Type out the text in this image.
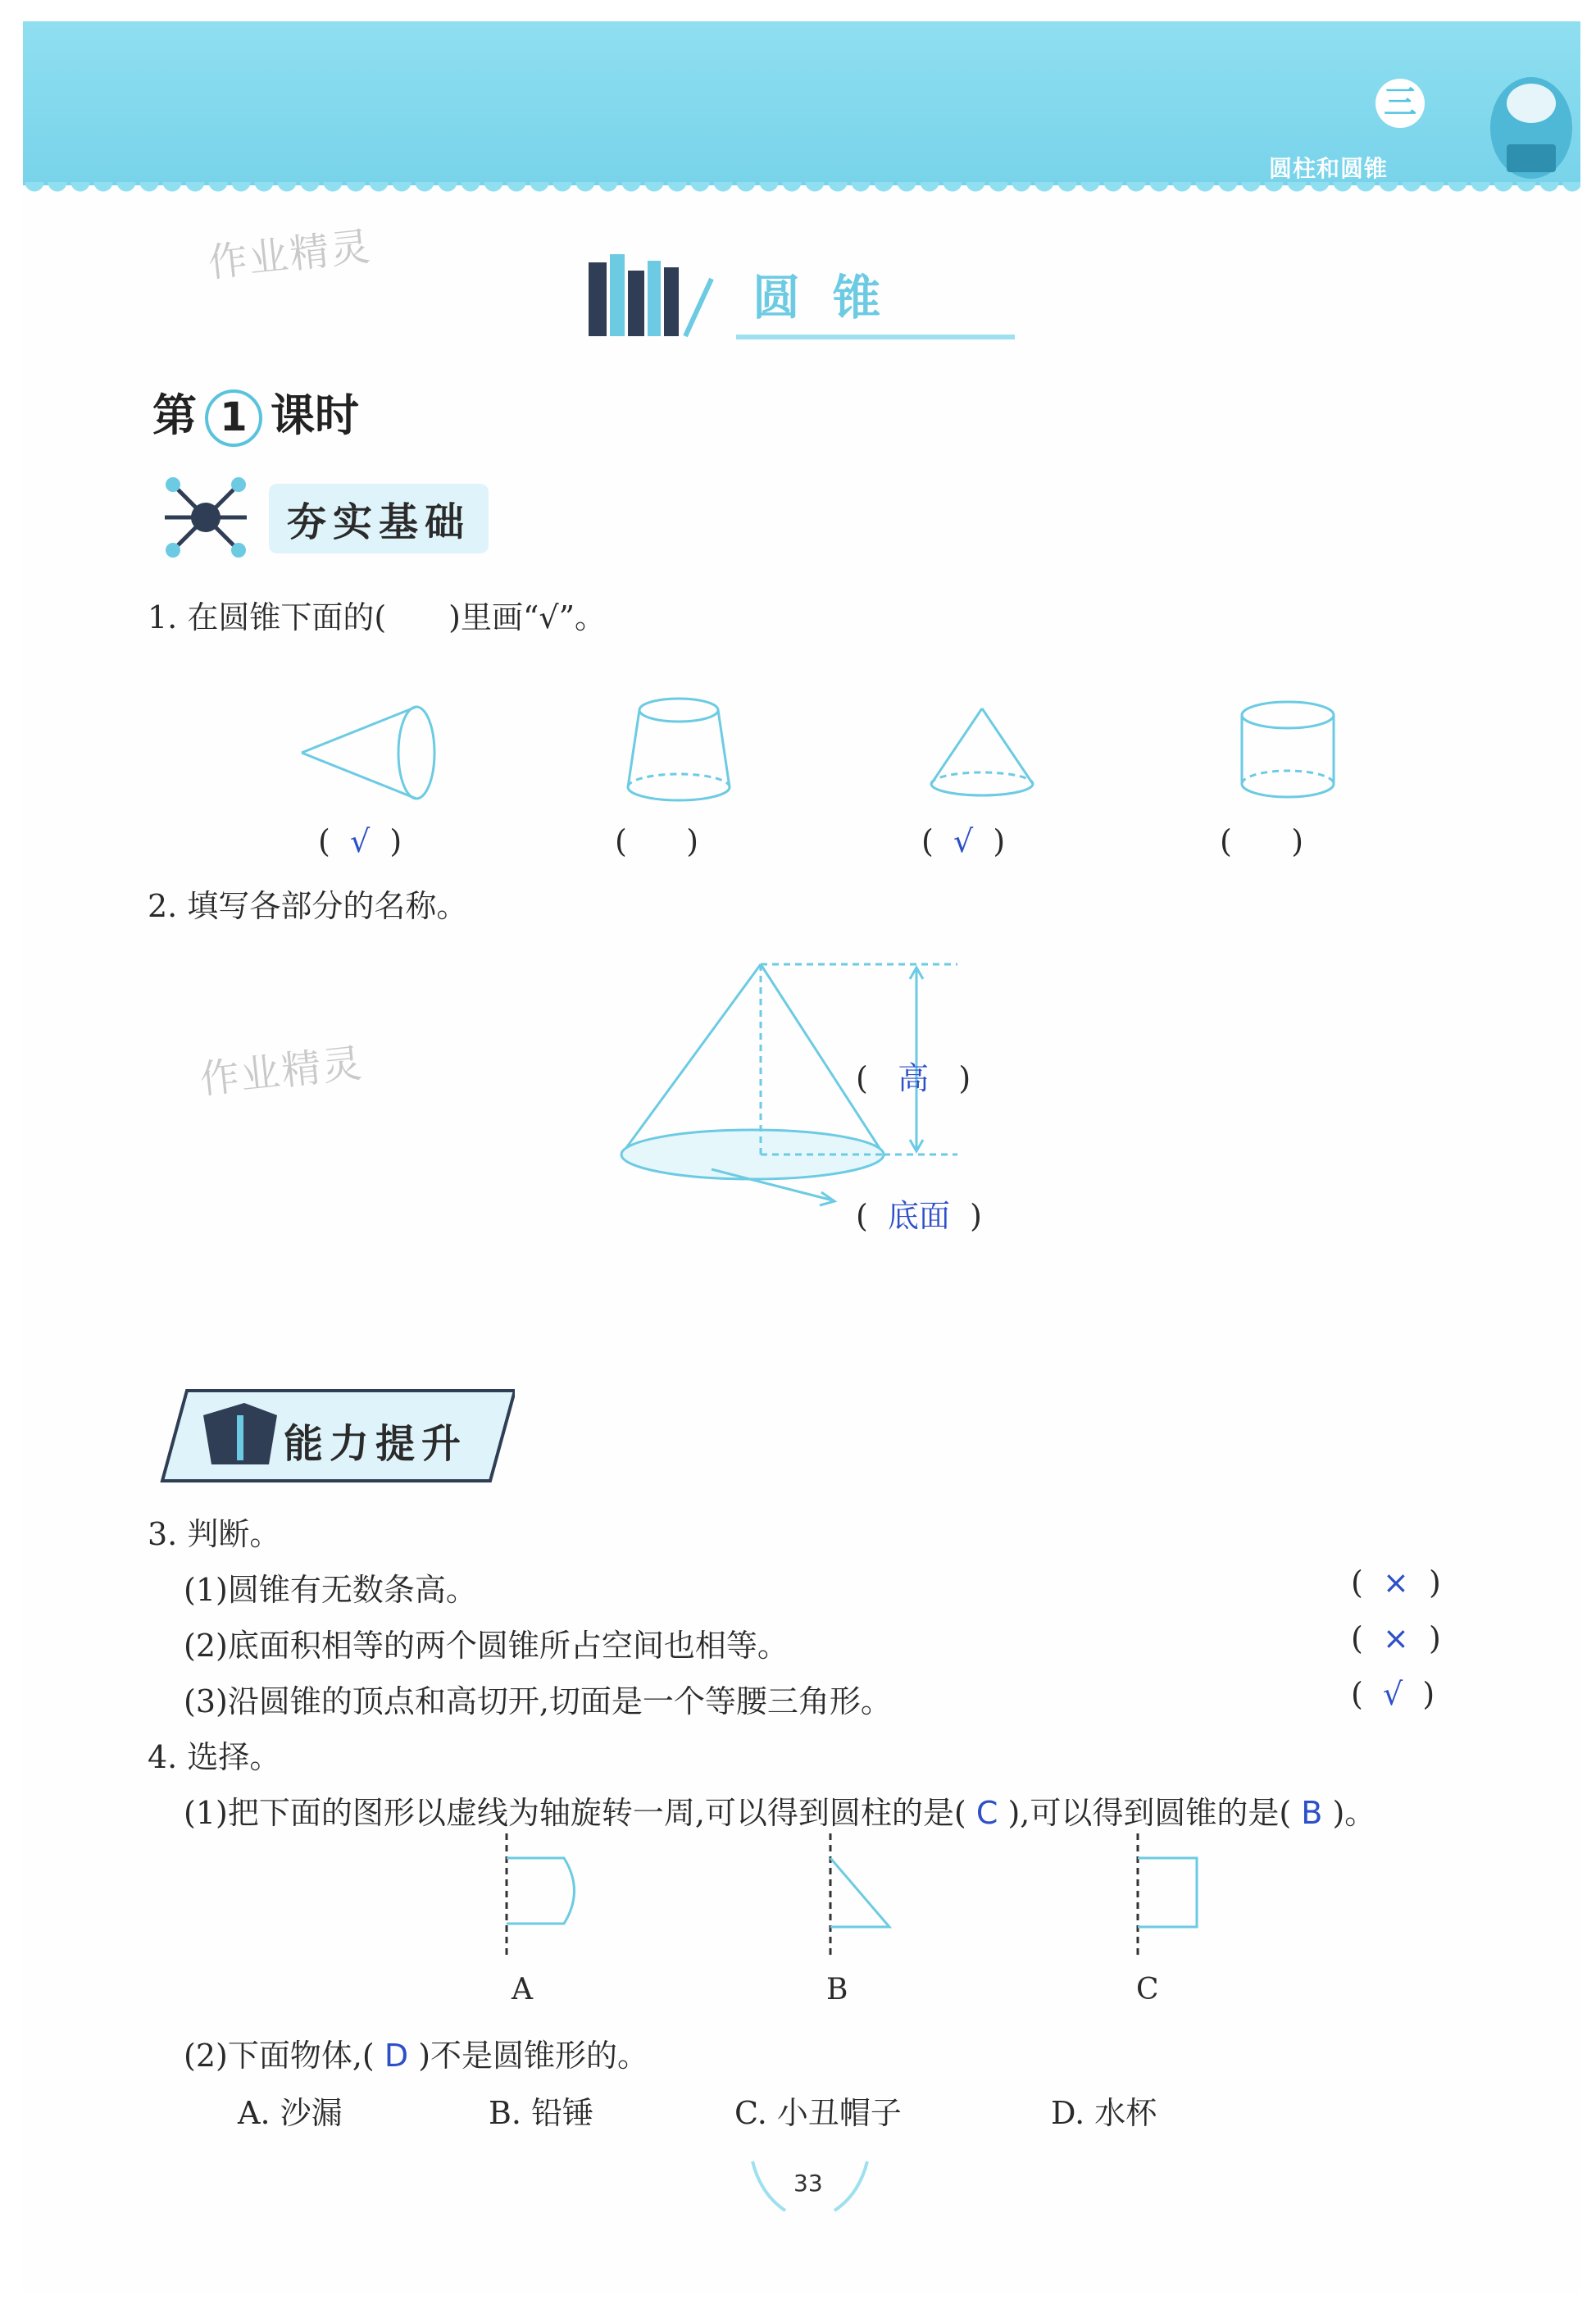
三
圆柱和圆锥
作业精灵
作业精灵
圆锥
第 1 课时
夯实基础
1. 在圆锥下面的(　　)里画“√”。
(  √  )	(      )	(  √  )	(      )
2. 填写各部分的名称。
(   高   )
(  底面  )
能力提升
3. 判断。
(1)圆锥有无数条高。	(  ×  )
(2)底面积相等的两个圆锥所占空间也相等。	(  ×  )
(3)沿圆锥的顶点和高切开,切面是一个等腰三角形。	(  √  )
4. 选择。
(1)把下面的图形以虚线为轴旋转一周,可以得到圆柱的是( C ),可以得到圆锥的是( B )。
A	B	C
(2)下面物体,( D )不是圆锥形的。
A. 沙漏	B. 铅锤	C. 小丑帽子	D. 水杯
33
